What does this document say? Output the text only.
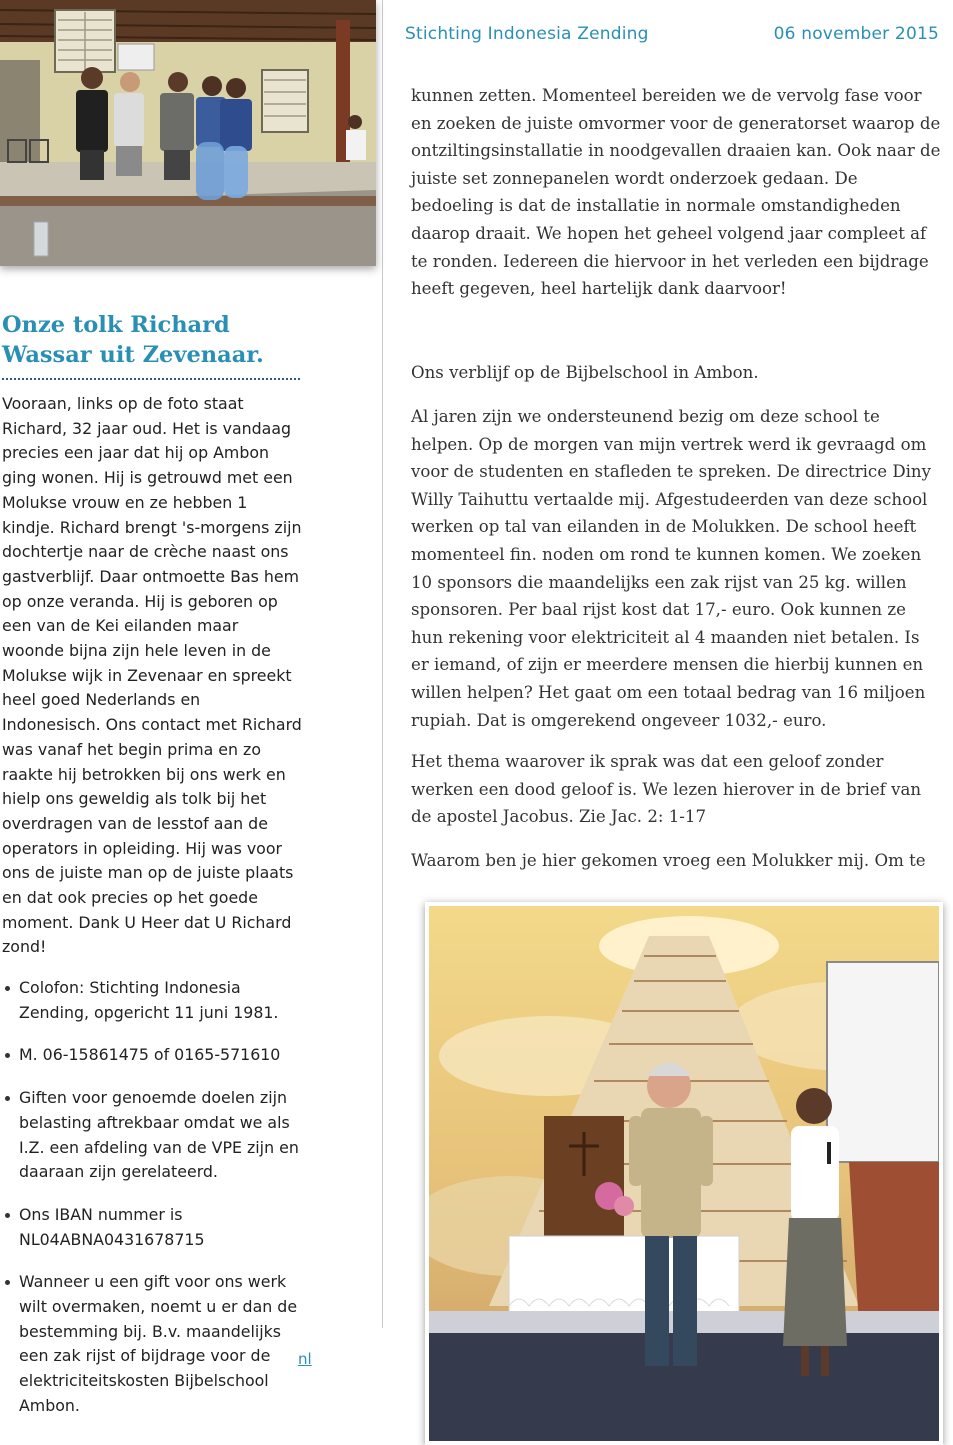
Stichting Indonesia Zending	06 november 2015
Onze tolk Richard
Wassar uit Zevenaar.
Vooraan, links op de foto staat Richard, 32 jaar oud. Het is vandaag precies een jaar dat hij op Ambon ging wonen. Hij is getrouwd met een Molukse vrouw en ze hebben 1 kindje. Richard brengt 's-morgens zijn dochtertje naar de crèche naast ons gastverblijf. Daar ontmoette Bas hem op onze veranda. Hij is geboren op een van de Kei eilanden maar woonde bijna zijn hele leven in de Molukse wijk in Zevenaar en spreekt heel goed Nederlands en Indonesisch. Ons contact met Richard was vanaf het begin prima en zo raakte hij betrokken bij ons werk en hielp ons geweldig als tolk bij het overdragen van de lesstof aan de operators in opleiding. Hij was voor ons de juiste man op de juiste plaats en dat ook precies op het goede moment. Dank U Heer dat U Richard zond!
Colofon: Stichting Indonesia Zending, opgericht 11 juni 1981.
M. 06-15861475 of 0165-571610
Giften voor genoemde doelen zijn belasting aftrekbaar omdat we als I.Z. een afdeling van de VPE zijn en daaraan zijn gerelateerd.
Ons IBAN nummer is NL04ABNA0431678715
Wanneer u een gift voor ons werk wilt overmaken, noemt u er dan de bestemming bij. B.v. maandelijks een zak rijst of bijdrage voor de elektriciteitskosten Bijbelschool Ambon.
nl

kunnen zetten. Momenteel bereiden we de vervolg fase voor en zoeken de juiste omvormer voor de generatorset waarop de ontziltingsinstallatie in noodgevallen draaien kan. Ook naar de juiste set zonnepanelen wordt onderzoek gedaan. De bedoeling is dat de installatie in normale omstandigheden daarop draait. We hopen het geheel volgend jaar compleet af te ronden. Iedereen die hiervoor in het verleden een bijdrage heeft gegeven, heel hartelijk dank daarvoor!

Ons verblijf op de Bijbelschool in Ambon.

Al jaren zijn we ondersteunend bezig om deze school te helpen. Op de morgen van mijn vertrek werd ik gevraagd om voor de studenten en stafleden te spreken. De directrice Diny Willy Taihuttu vertaalde mij. Afgestudeerden van deze school werken op tal van eilanden in de Molukken. De school heeft momenteel fin. noden om rond te kunnen komen. We zoeken 10 sponsors die maandelijks een zak rijst van 25 kg. willen sponsoren. Per baal rijst kost dat 17,- euro. Ook kunnen ze hun rekening voor elektriciteit al 4 maanden niet betalen. Is er iemand, of zijn er meerdere mensen die hierbij kunnen en willen helpen? Het gaat om een totaal bedrag van 16 miljoen rupiah. Dat is omgerekend ongeveer 1032,- euro.

Het thema waarover ik sprak was dat een geloof zonder werken een dood geloof is. We lezen hierover in de brief van de apostel Jacobus. Zie Jac. 2: 1-17

Waarom ben je hier gekomen vroeg een Molukker mij. Om te
